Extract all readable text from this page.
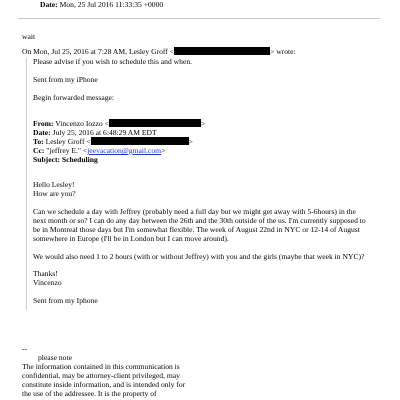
Date: Mon, 25 Jul 2016 11:33:35 +0000
wait
On Mon, Jul 25, 2016 at 7:28 AM, Lesley Groff <	> wrote:
Please advise if you wish to schedule this and when.
Sent from my iPhone
Begin forwarded message:
From: Vincenzo Iozzo <	>
Date: July 25, 2016 at 6:48:29 AM EDT
To: Lesley Groff <	>
Cc: "jeffrey E." <jeevacation@gmail.com>
Subject: Scheduling
Hello Lesley!
How are you?
Can we schedule a day with Jeffrey (probably need a full day but we might get away with 5-6hours) in the
next month or so? I can do any day between the 26th and the 30th outside of the us. I'm currently supposed to
be in Montreal those days but I'm somewhat flexible. The week of August 22nd in NYC or 12-14 of August
somewhere in Europe (I'll be in London but I can move around).
We would also need 1 to 2 hours (with or without Jeffrey) with you and the girls (maybe that week in NYC)?
Thanks!
Vincenzo
Sent from my Iphone
--
please note
The information contained in this communication is
confidential, may be attorney-client privileged, may
constitute inside information, and is intended only for
the use of the addressee. It is the property of
